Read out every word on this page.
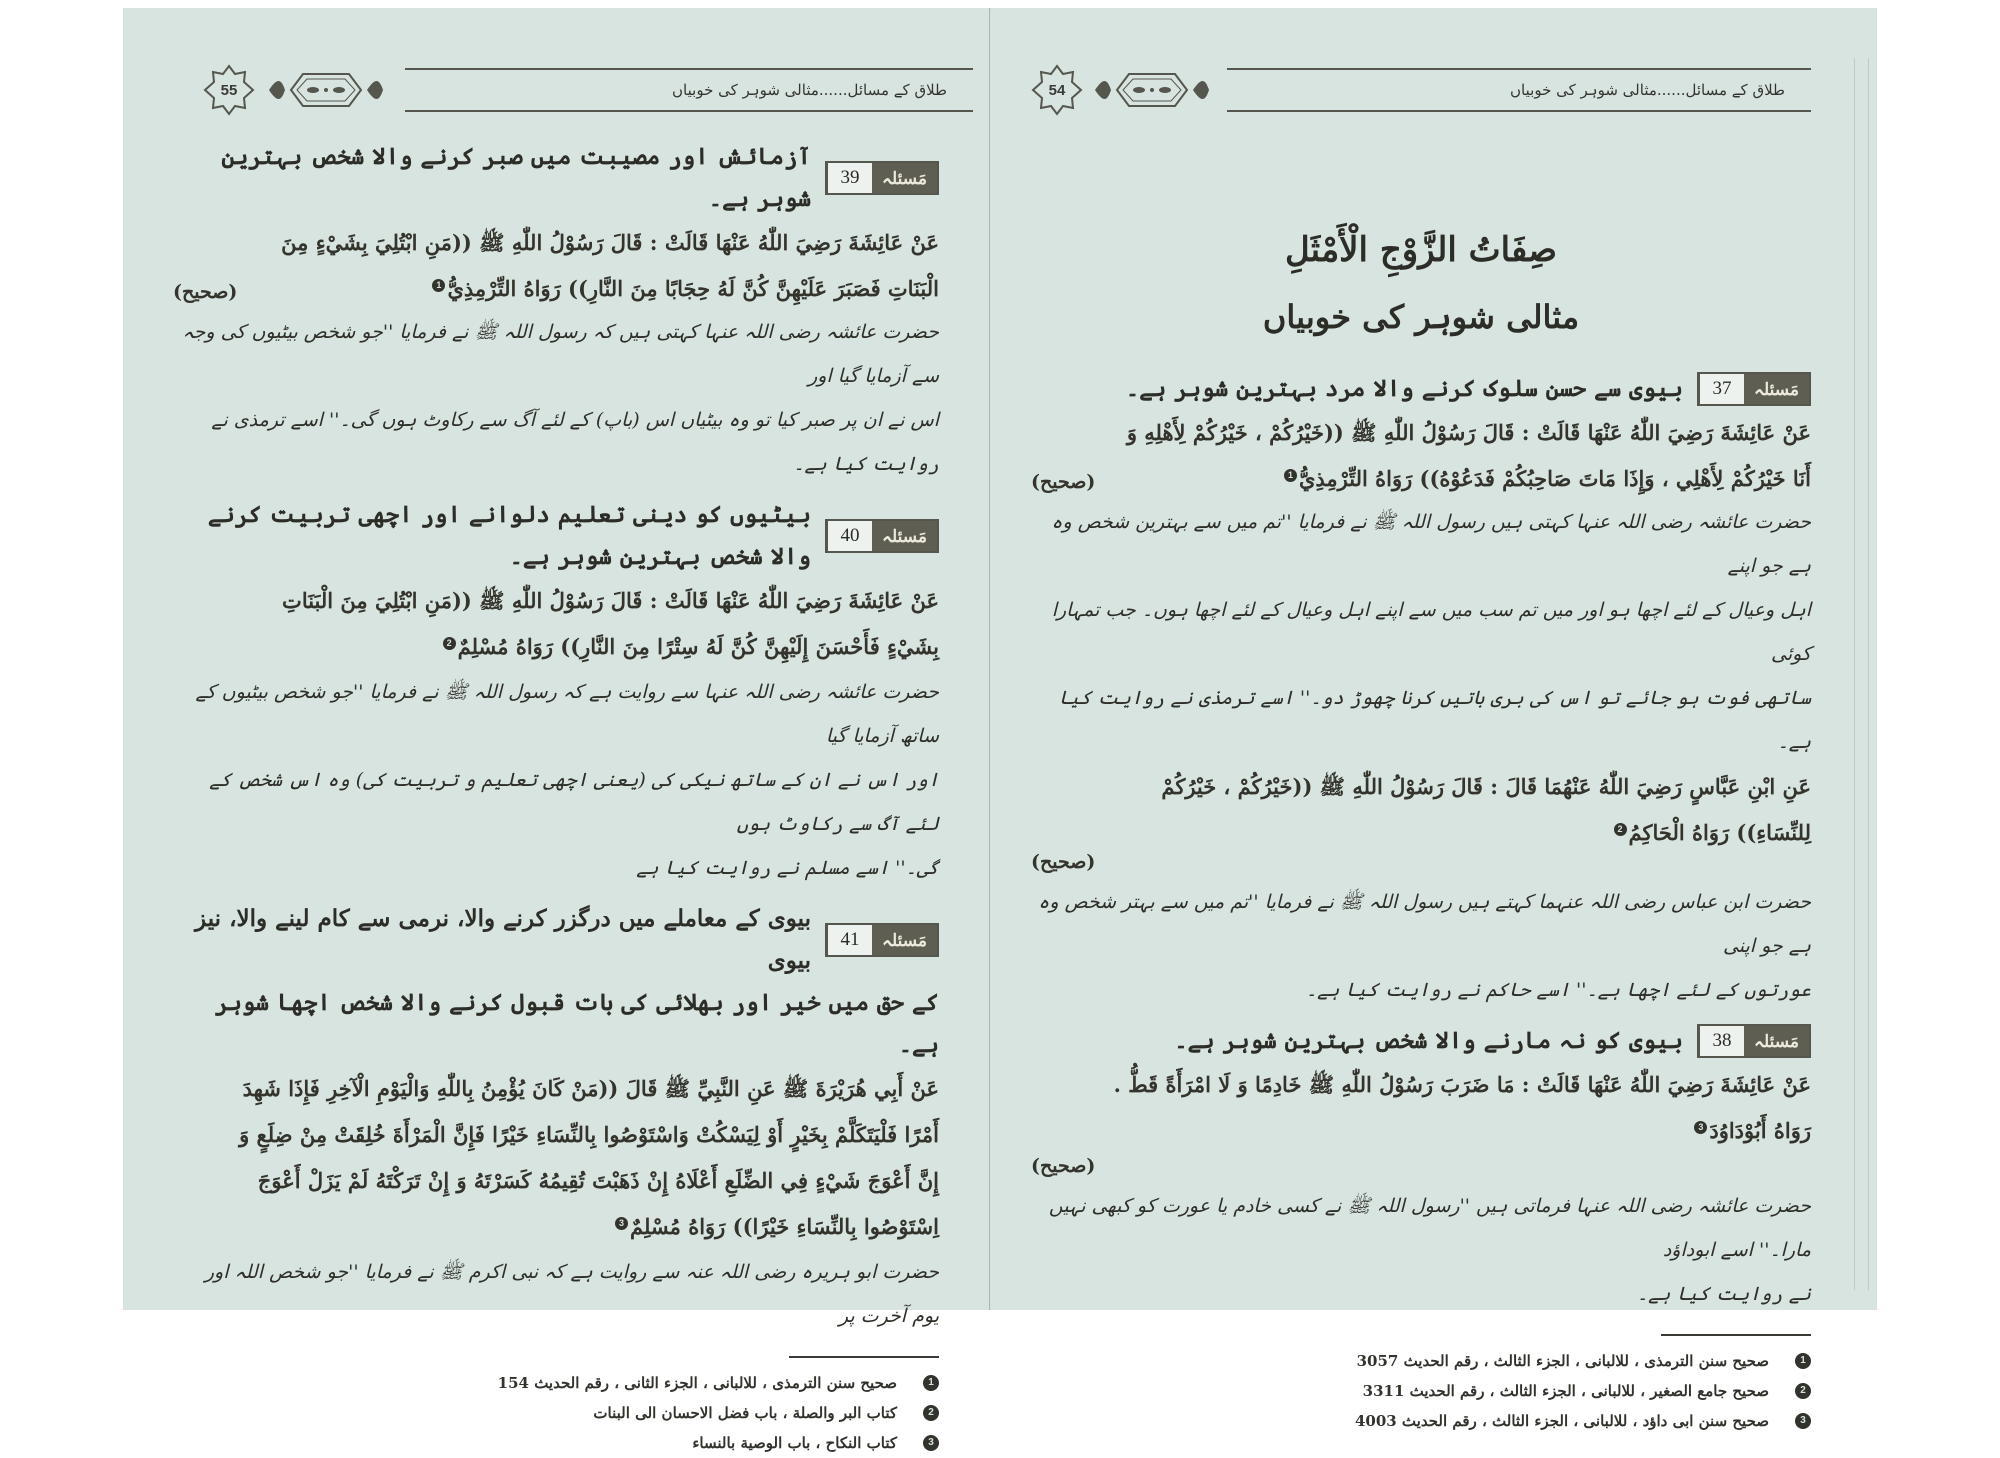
55	طلاق کے مسائل......مثالی شوہر کی خوبیاں
مَسئلہ
39
آزمائش اور مصیبت میں صبر کرنے والا شخص بہترین شوہر ہے۔

عَنْ عَائِشَةَ رَضِيَ اللّٰهُ عَنْهَا قَالَتْ : قَالَ رَسُوْلُ اللّٰهِ ﷺ ((مَنِ ابْتُلِيَ بِشَيْءٍ مِنَ

الْبَنَاتِ فَصَبَرَ عَلَيْهِنَّ كُنَّ لَهُ حِجَابًا مِنَ النَّارِ)) رَوَاهُ التِّرْمِذِيُّ1

(صحیح)

حضرت عائشہ رضی اللہ عنہا کہتی ہیں کہ رسول اللہ ﷺ نے فرمایا ''جو شخص بیٹیوں کی وجہ سے آزمایا گیا اور

اس نے ان پر صبر کیا تو وہ بیٹیاں اس (باپ) کے لئے آگ سے رکاوٹ ہوں گی۔'' اسے ترمذی نے

روایت کیا ہے۔

مَسئلہ
40
بیٹیوں کو دینی تعلیم دلوانے اور اچھی تربیت کرنے والا شخص بہترین شوہر ہے۔

عَنْ عَائِشَةَ رَضِيَ اللّٰهُ عَنْهَا قَالَتْ : قَالَ رَسُوْلُ اللّٰهِ ﷺ ((مَنِ ابْتُلِيَ مِنَ الْبَنَاتِ

بِشَيْءٍ فَأَحْسَنَ إِلَيْهِنَّ كُنَّ لَهُ سِتْرًا مِنَ النَّارِ)) رَوَاهُ مُسْلِمٌ2

حضرت عائشہ رضی اللہ عنہا سے روایت ہے کہ رسول اللہ ﷺ نے فرمایا ''جو شخص بیٹیوں کے ساتھ آزمایا گیا

اور اس نے ان کے ساتھ نیکی کی (یعنی اچھی تعلیم و تربیت کی) وہ اس شخص کے لئے آگ سے رکاوٹ ہوں

گی۔'' اسے مسلم نے روایت کیا ہے

مَسئلہ
41
بیوی کے معاملے میں درگزر کرنے والا، نرمی سے کام لینے والا، نیز بیوی
کے حق میں خیر اور بھلائی کی بات قبول کرنے والا شخص اچھا شوہر ہے۔

عَنْ أَبِي هُرَيْرَةَ ﷺ عَنِ النَّبِيِّ ﷺ قَالَ ((مَنْ كَانَ يُؤْمِنُ بِاللّٰهِ وَالْيَوْمِ الْآخِرِ فَإِذَا شَهِدَ

أَمْرًا فَلْيَتَكَلَّمْ بِخَيْرٍ أَوْ لِيَسْكُتْ وَاسْتَوْصُوا بِالنِّسَاءِ خَيْرًا فَإِنَّ الْمَرْأَةَ خُلِقَتْ مِنْ ضِلَعٍ وَ

إِنَّ أَعْوَجَ شَيْءٍ فِي الضِّلَعِ أَعْلَاهُ إِنْ ذَهَبْتَ تُقِيمُهُ كَسَرْتَهُ وَ إِنْ تَرَكْتَهُ لَمْ يَزَلْ أَعْوَجَ

اِسْتَوْصُوا بِالنِّسَاءِ خَيْرًا)) رَوَاهُ مُسْلِمٌ3

حضرت ابو ہریرہ رضی اللہ عنہ سے روایت ہے کہ نبی اکرم ﷺ نے فرمایا ''جو شخص اللہ اور یوم آخرت پر

1
صحیح سنن الترمذی ، للالبانی ، الجزء الثانی ، رقم الحدیث 154
2
كتاب البر والصلة ، باب فضل الاحسان الى البنات
3
كتاب النكاح ، باب الوصية بالنساء
54	طلاق کے مسائل......مثالی شوہر کی خوبیاں
صِفَاتُ الزَّوْجِ الْأَمْثَلِ
مثالی شوہر کی خوبیاں
مَسئلہ
37
بیوی سے حسن سلوک کرنے والا مرد بہترین شوہر ہے۔

عَنْ عَائِشَةَ رَضِيَ اللّٰهُ عَنْهَا قَالَتْ : قَالَ رَسُوْلُ اللّٰهِ ﷺ ((خَيْرُكُمْ ، خَيْرُكُمْ لِأَهْلِهِ وَ

أَنَا خَيْرُكُمْ لِأَهْلِي ، وَإِذَا مَاتَ صَاحِبُكُمْ فَدَعُوْهُ)) رَوَاهُ التِّرْمِذِيُّ1

(صحیح)

حضرت عائشہ رضی اللہ عنہا کہتی ہیں رسول اللہ ﷺ نے فرمایا ''تم میں سے بہترین شخص وہ ہے جو اپنے

اہل وعیال کے لئے اچھا ہو اور میں تم سب میں سے اپنے اہل وعیال کے لئے اچھا ہوں۔ جب تمہارا کوئی

ساتھی فوت ہو جائے تو اس کی بری باتیں کرنا چھوڑ دو۔'' اسے ترمذی نے روایت کیا ہے۔

عَنِ ابْنِ عَبَّاسٍ رَضِيَ اللّٰهُ عَنْهُمَا قَالَ : قَالَ رَسُوْلُ اللّٰهِ ﷺ ((خَيْرُكُمْ ، خَيْرُكُمْ

لِلنِّسَاءِ)) رَوَاهُ الْحَاكِمُ2

(صحیح)

حضرت ابن عباس رضی اللہ عنہما کہتے ہیں رسول اللہ ﷺ نے فرمایا ''تم میں سے بہتر شخص وہ ہے جو اپنی

عورتوں کے لئے اچھا ہے۔'' اسے حاکم نے روایت کیا ہے۔

مَسئلہ
38
بیوی کو نہ مارنے والا شخص بہترین شوہر ہے۔

عَنْ عَائِشَةَ رَضِيَ اللّٰهُ عَنْهَا قَالَتْ : مَا ضَرَبَ رَسُوْلُ اللّٰهِ ﷺ خَادِمًا وَ لَا امْرَأَةً قَطُّ .

رَوَاهُ أَبُوْدَاوُدَ3

(صحیح)

حضرت عائشہ رضی اللہ عنہا فرماتی ہیں ''رسول اللہ ﷺ نے کسی خادم یا عورت کو کبھی نہیں مارا۔'' اسے ابوداؤد

نے روایت کیا ہے۔

1
صحیح سنن الترمذی ، للالبانی ، الجزء الثالث ، رقم الحدیث 3057
2
صحیح جامع الصغیر ، للالبانی ، الجزء الثالث ، رقم الحدیث 3311
3
صحیح سنن ابی داؤد ، للالبانی ، الجزء الثالث ، رقم الحدیث 4003
